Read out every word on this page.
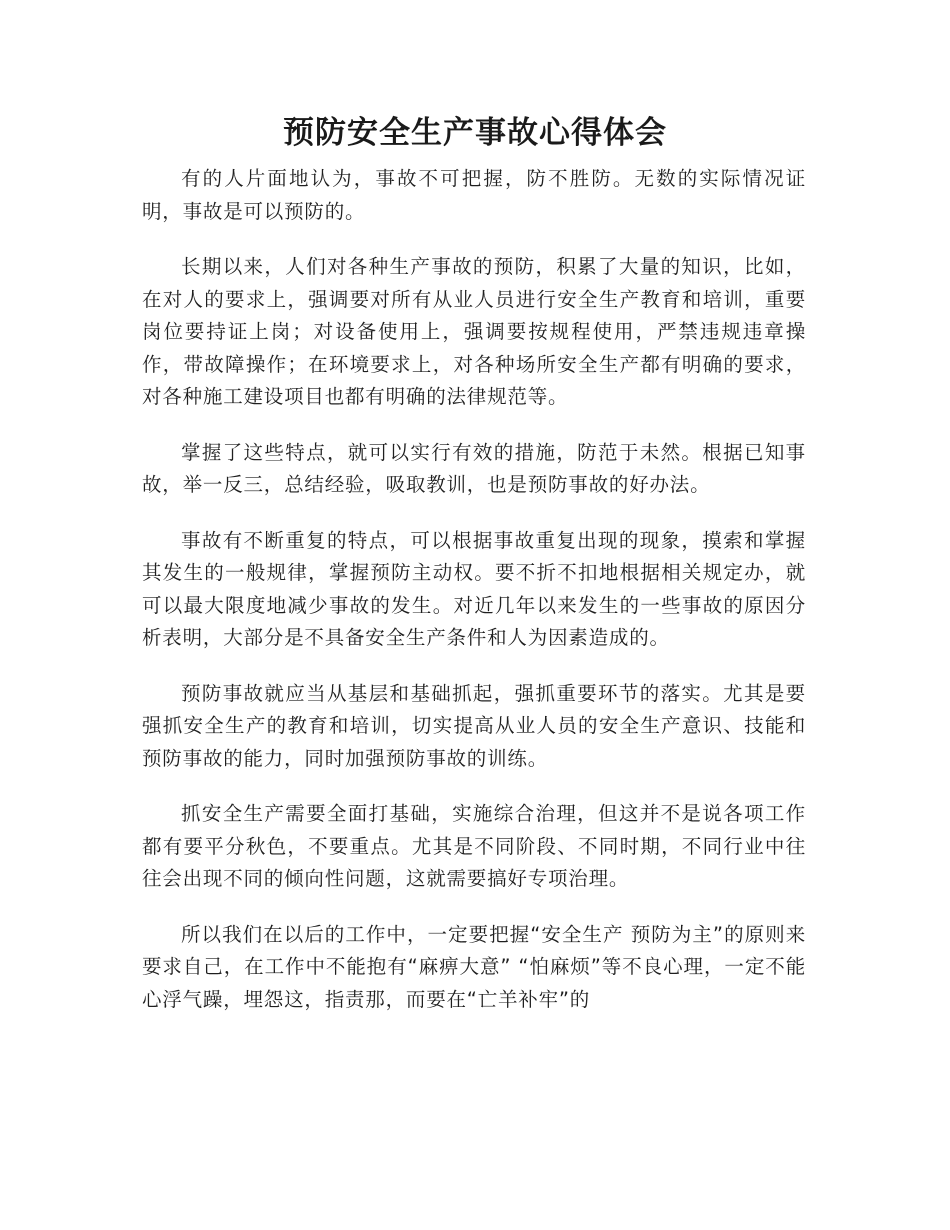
预防安全生产事故心得体会

有的人片面地认为，事故不可把握，防不胜防。无数的实际情况证明，事故是可以预防的。

长期以来，人们对各种生产事故的预防，积累了大量的知识，比如，在对人的要求上，强调要对所有从业人员进行安全生产教育和培训，重要岗位要持证上岗；对设备使用上，强调要按规程使用，严禁违规违章操作，带故障操作；在环境要求上，对各种场所安全生产都有明确的要求，对各种施工建设项目也都有明确的法律规范等。

掌握了这些特点，就可以实行有效的措施，防范于未然。根据已知事故，举一反三，总结经验，吸取教训，也是预防事故的好办法。

事故有不断重复的特点，可以根据事故重复出现的现象，摸索和掌握其发生的一般规律，掌握预防主动权。要不折不扣地根据相关规定办，就可以最大限度地减少事故的发生。对近几年以来发生的一些事故的原因分析表明，大部分是不具备安全生产条件和人为因素造成的。

预防事故就应当从基层和基础抓起，强抓重要环节的落实。尤其是要强抓安全生产的教育和培训，切实提高从业人员的安全生产意识、技能和预防事故的能力，同时加强预防事故的训练。

抓安全生产需要全面打基础，实施综合治理，但这并不是说各项工作都有要平分秋色，不要重点。尤其是不同阶段、不同时期，不同行业中往往会出现不同的倾向性问题，这就需要搞好专项治理。

所以我们在以后的工作中，一定要把握“安全生产 预防为主”的原则来要求自己，在工作中不能抱有“麻痹大意” “怕麻烦”等不良心理，一定不能心浮气躁，埋怨这，指责那，而要在“亡羊补牢”的
